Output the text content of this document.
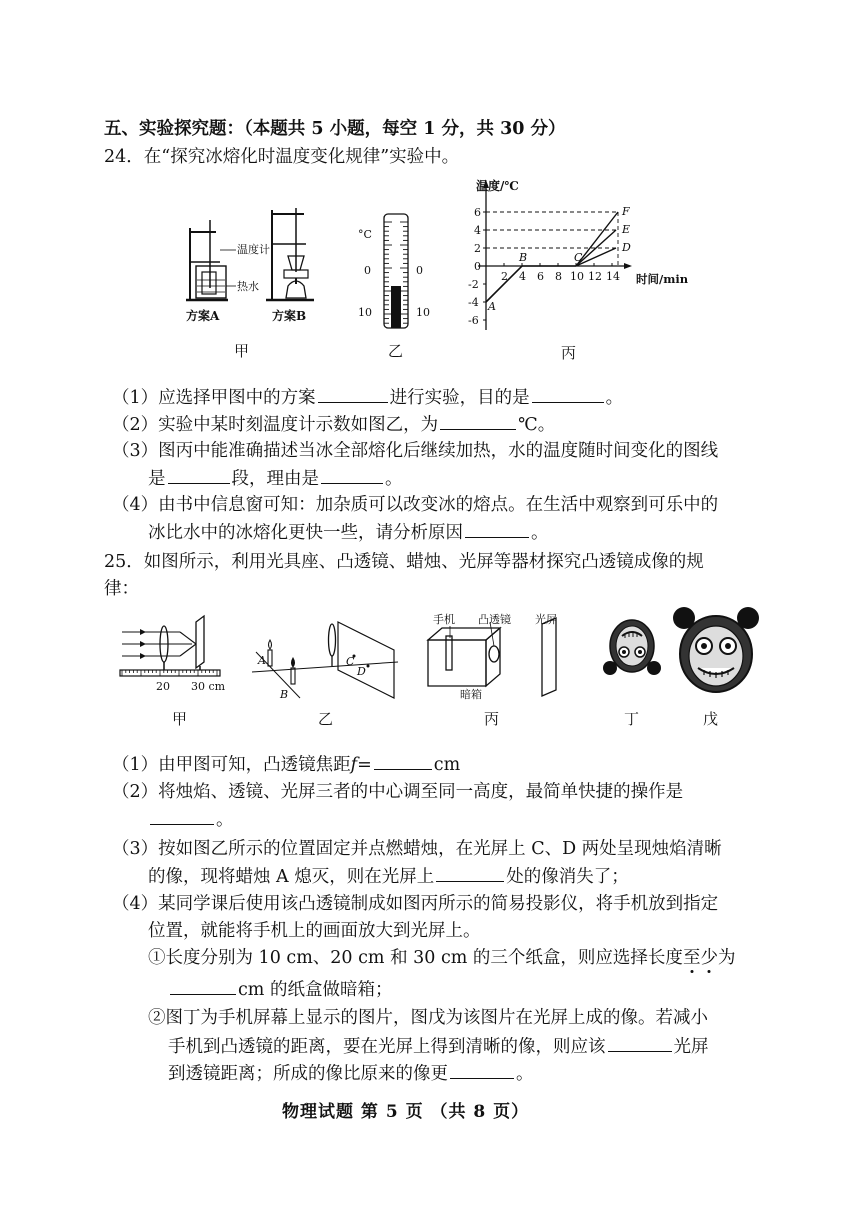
五、实验探究题：（本题共 5 小题，每空 1 分，共 30 分）
24．在“探究冰熔化时温度变化规律”实验中。
温度计
热水
方案A	方案B
甲
°C
0
10
0
10
乙
温度/℃
时间/min
6
4
2
0
-2
-4
-6
2 4 6 8 10 12 14
A
B	C
D
E
F
丙
（1）应选择甲图中的方案	进行实验，目的是	。
（2）实验中某时刻温度计示数如图乙，为	℃。
（3）图丙中能准确描述当冰全部熔化后继续加热，水的温度随时间变化的图线
是	段，理由是	。
（4）由书中信息窗可知：加杂质可以改变冰的熔点。在生活中观察到可乐中的
冰比水中的冰熔化更快一些，请分析原因	。
25．如图所示，利用光具座、凸透镜、蜡烛、光屏等器材探究凸透镜成像的规
律：
20 30 cm
甲
A
B
C
D
乙
手机 凸透镜 光屏
暗箱
丙	丁	戊
（1）由甲图可知，凸透镜焦距f=	cm
（2）将烛焰、透镜、光屏三者的中心调至同一高度，最简单快捷的操作是
。
（3）按如图乙所示的位置固定并点燃蜡烛，在光屏上 C、D 两处呈现烛焰清晰
的像，现将蜡烛 A 熄灭，则在光屏上	处的像消失了；
（4）某同学课后使用该凸透镜制成如图丙所示的简易投影仪，将手机放到指定
位置，就能将手机上的画面放大到光屏上。
①长度分别为 10 cm、20 cm 和 30 cm 的三个纸盒，则应选择长度至少为
cm 的纸盒做暗箱；
②图丁为手机屏幕上显示的图片，图戊为该图片在光屏上成的像。若减小
手机到凸透镜的距离，要在光屏上得到清晰的像，则应该	光屏
到透镜距离；所成的像比原来的像更	。
物理试题 第 5 页 （共 8 页）
